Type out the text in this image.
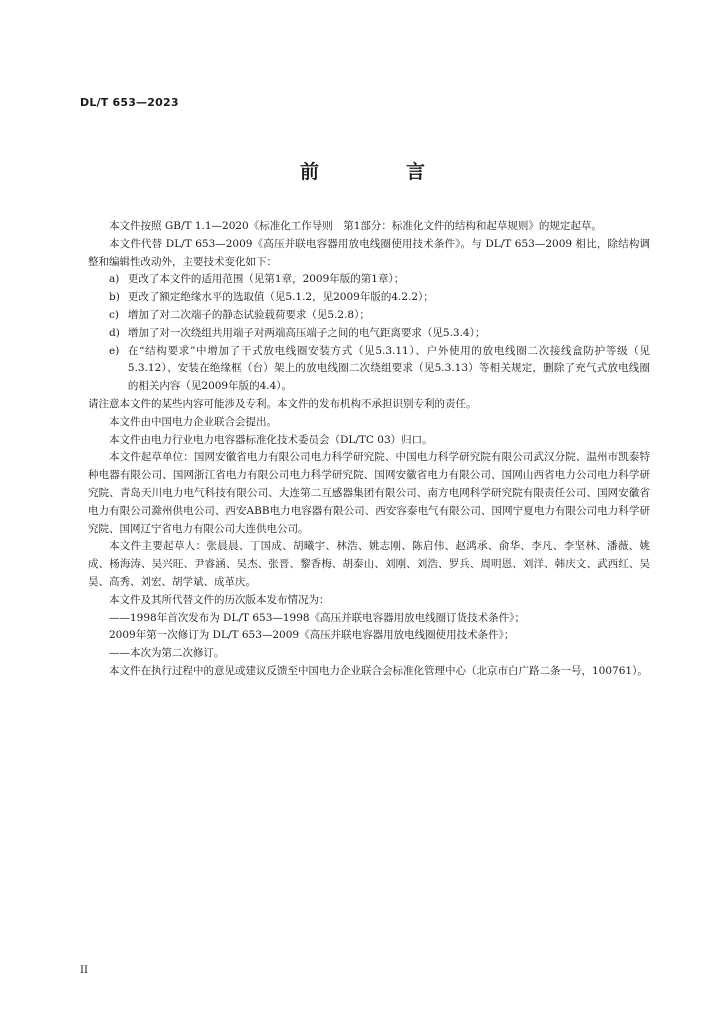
DL/T 653—2023
前　言

本文件按照 GB/T 1.1—2020《标准化工作导则　第1部分：标准化文件的结构和起草规则》的规定起草。

本文件代替 DL/T 653—2009《高压并联电容器用放电线圈使用技术条件》。与 DL/T 653—2009 相比，除结构调整和编辑性改动外，主要技术变化如下：

a) 更改了本文件的适用范围（见第1章，2009年版的第1章）；
b) 更改了额定绝缘水平的选取值（见5.1.2，见2009年版的4.2.2）；
c) 增加了对二次端子的静态试验载荷要求（见5.2.8）；
d) 增加了对一次绕组共用端子对两端高压端子之间的电气距离要求（见5.3.4）；
e) 在“结构要求”中增加了干式放电线圈安装方式（见5.3.11）、户外使用的放电线圈二次接线盒防护等级（见5.3.12）、安装在绝缘框（台）架上的放电线圈二次绕组要求（见5.3.13）等相关规定，删除了充气式放电线圈的相关内容（见2009年版的4.4）。

请注意本文件的某些内容可能涉及专利。本文件的发布机构不承担识别专利的责任。

本文件由中国电力企业联合会提出。

本文件由电力行业电力电容器标准化技术委员会（DL/TC 03）归口。

本文件起草单位：国网安徽省电力有限公司电力科学研究院、中国电力科学研究院有限公司武汉分院、温州市凯泰特种电器有限公司、国网浙江省电力有限公司电力科学研究院、国网安徽省电力有限公司、国网山西省电力公司电力科学研究院、青岛天川电力电气科技有限公司、大连第二互感器集团有限公司、南方电网科学研究院有限责任公司、国网安徽省电力有限公司滁州供电公司、西安ABB电力电容器有限公司、西安容泰电气有限公司、国网宁夏电力有限公司电力科学研究院、国网辽宁省电力有限公司大连供电公司。

本文件主要起草人：张晨晨、丁国成、胡曦宇、林浩、姚志刚、陈启伟、赵鸿承、俞华、李凡、李坚林、潘薇、姚成、杨海涛、吴兴旺、尹睿涵、吴杰、张晋、黎香梅、胡泰山、刘刚、刘浩、罗兵、周明恩、刘洋、韩庆文、武西红、吴昊、高秀、刘宏、胡学斌、成革庆。

本文件及其所代替文件的历次版本发布情况为：

——1998年首次发布为 DL/T 653—1998《高压并联电容器用放电线圈订货技术条件》；

2009年第一次修订为 DL/T 653—2009《高压并联电容器用放电线圈使用技术条件》；

——本次为第二次修订。

本文件在执行过程中的意见或建议反馈至中国电力企业联合会标准化管理中心（北京市白广路二条一号，100761）。

II
